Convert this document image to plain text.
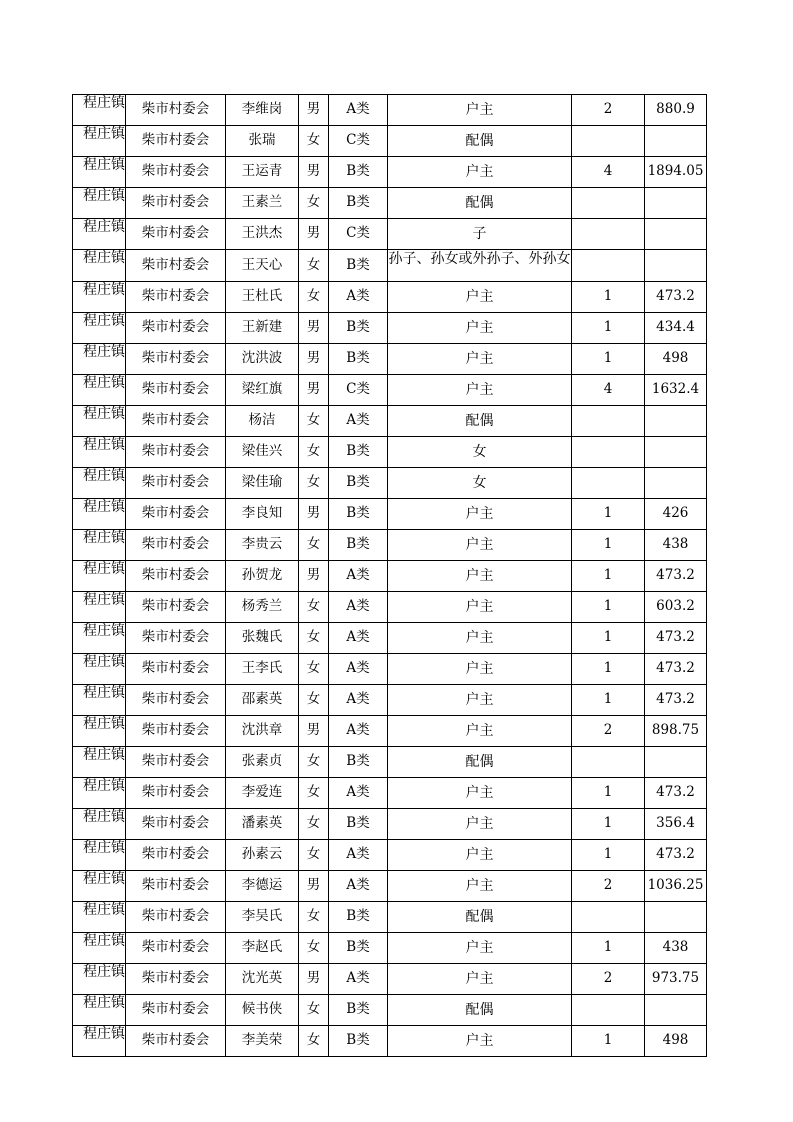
程庄镇	柴市村委会	李维岗	男	A类	户主	2	880.9

程庄镇	柴市村委会	张瑞	女	C类	配偶		

程庄镇	柴市村委会	王运青	男	B类	户主	4	1894.05

程庄镇	柴市村委会	王素兰	女	B类	配偶		

程庄镇	柴市村委会	王洪杰	男	C类	子		

程庄镇	柴市村委会	王天心	女	B类	孙子、孙女或外孙子、外孙女		

程庄镇	柴市村委会	王杜氏	女	A类	户主	1	473.2

程庄镇	柴市村委会	王新建	男	B类	户主	1	434.4

程庄镇	柴市村委会	沈洪波	男	B类	户主	1	498

程庄镇	柴市村委会	梁红旗	男	C类	户主	4	1632.4

程庄镇	柴市村委会	杨洁	女	A类	配偶		

程庄镇	柴市村委会	梁佳兴	女	B类	女		

程庄镇	柴市村委会	梁佳瑜	女	B类	女		

程庄镇	柴市村委会	李良知	男	B类	户主	1	426

程庄镇	柴市村委会	李贵云	女	B类	户主	1	438

程庄镇	柴市村委会	孙贺龙	男	A类	户主	1	473.2

程庄镇	柴市村委会	杨秀兰	女	A类	户主	1	603.2

程庄镇	柴市村委会	张魏氏	女	A类	户主	1	473.2

程庄镇	柴市村委会	王李氏	女	A类	户主	1	473.2

程庄镇	柴市村委会	邵素英	女	A类	户主	1	473.2

程庄镇	柴市村委会	沈洪章	男	A类	户主	2	898.75

程庄镇	柴市村委会	张素贞	女	B类	配偶		

程庄镇	柴市村委会	李爱连	女	A类	户主	1	473.2

程庄镇	柴市村委会	潘素英	女	B类	户主	1	356.4

程庄镇	柴市村委会	孙素云	女	A类	户主	1	473.2

程庄镇	柴市村委会	李德运	男	A类	户主	2	1036.25

程庄镇	柴市村委会	李吴氏	女	B类	配偶		

程庄镇	柴市村委会	李赵氏	女	B类	户主	1	438

程庄镇	柴市村委会	沈光英	男	A类	户主	2	973.75

程庄镇	柴市村委会	候书侠	女	B类	配偶		

程庄镇	柴市村委会	李美荣	女	B类	户主	1	498
